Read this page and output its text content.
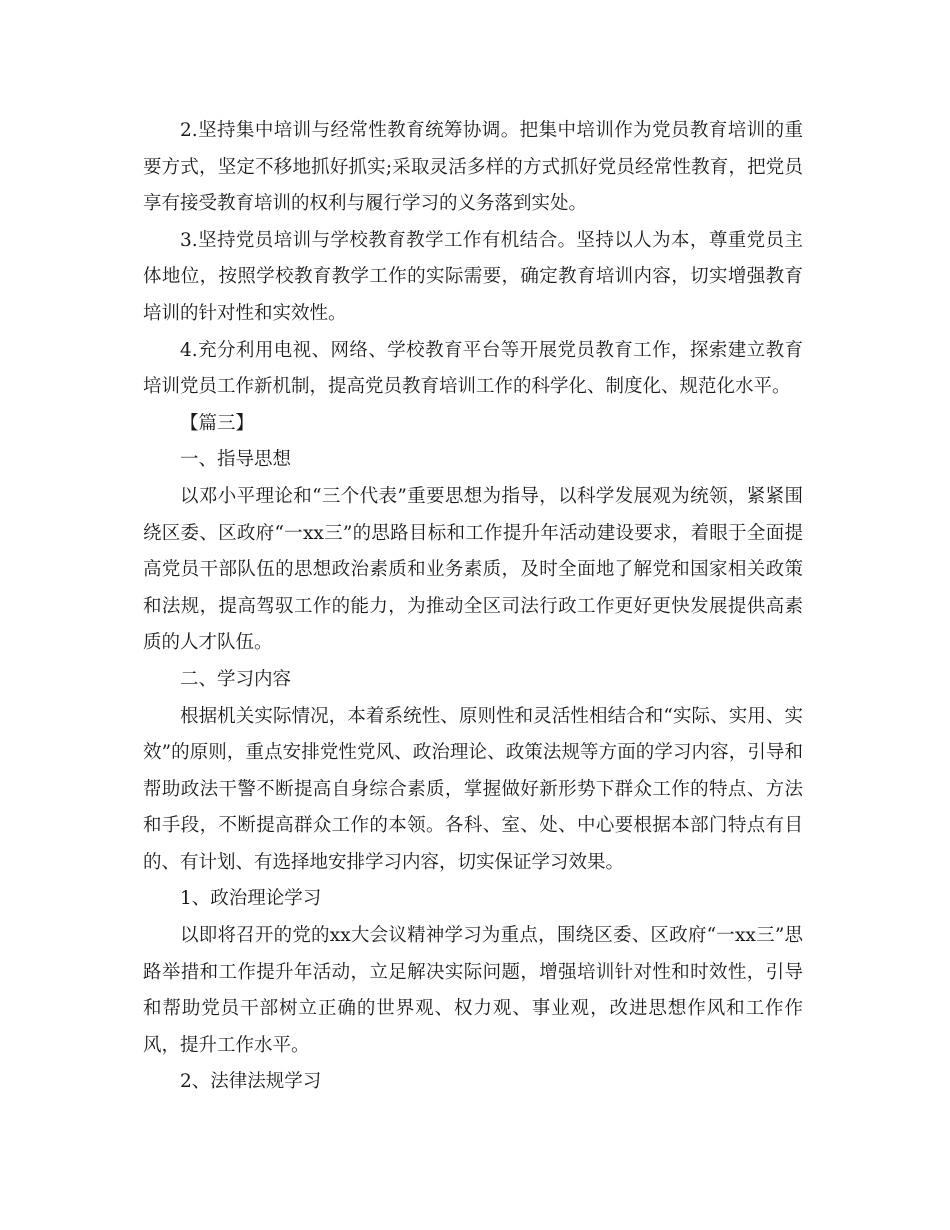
2.坚持集中培训与经常性教育统筹协调。把集中培训作为党员教育培训的重要方式，坚定不移地抓好抓实;采取灵活多样的方式抓好党员经常性教育，把党员享有接受教育培训的权利与履行学习的义务落到实处。

3.坚持党员培训与学校教育教学工作有机结合。坚持以人为本，尊重党员主体地位，按照学校教育教学工作的实际需要，确定教育培训内容，切实增强教育培训的针对性和实效性。

4.充分利用电视、网络、学校教育平台等开展党员教育工作，探索建立教育培训党员工作新机制，提高党员教育培训工作的科学化、制度化、规范化水平。

【篇三】

一、指导思想

以邓小平理论和“三个代表”重要思想为指导，以科学发展观为统领，紧紧围绕区委、区政府“一xx三”的思路目标和工作提升年活动建设要求，着眼于全面提高党员干部队伍的思想政治素质和业务素质，及时全面地了解党和国家相关政策和法规，提高驾驭工作的能力，为推动全区司法行政工作更好更快发展提供高素质的人才队伍。

二、学习内容

根据机关实际情况，本着系统性、原则性和灵活性相结合和“实际、实用、实效”的原则，重点安排党性党风、政治理论、政策法规等方面的学习内容，引导和帮助政法干警不断提高自身综合素质，掌握做好新形势下群众工作的特点、方法和手段，不断提高群众工作的本领。各科、室、处、中心要根据本部门特点有目的、有计划、有选择地安排学习内容，切实保证学习效果。

1、政治理论学习

以即将召开的党的xx大会议精神学习为重点，围绕区委、区政府“一xx三”思路举措和工作提升年活动，立足解决实际问题，增强培训针对性和时效性，引导和帮助党员干部树立正确的世界观、权力观、事业观，改进思想作风和工作作风，提升工作水平。

2、法律法规学习
